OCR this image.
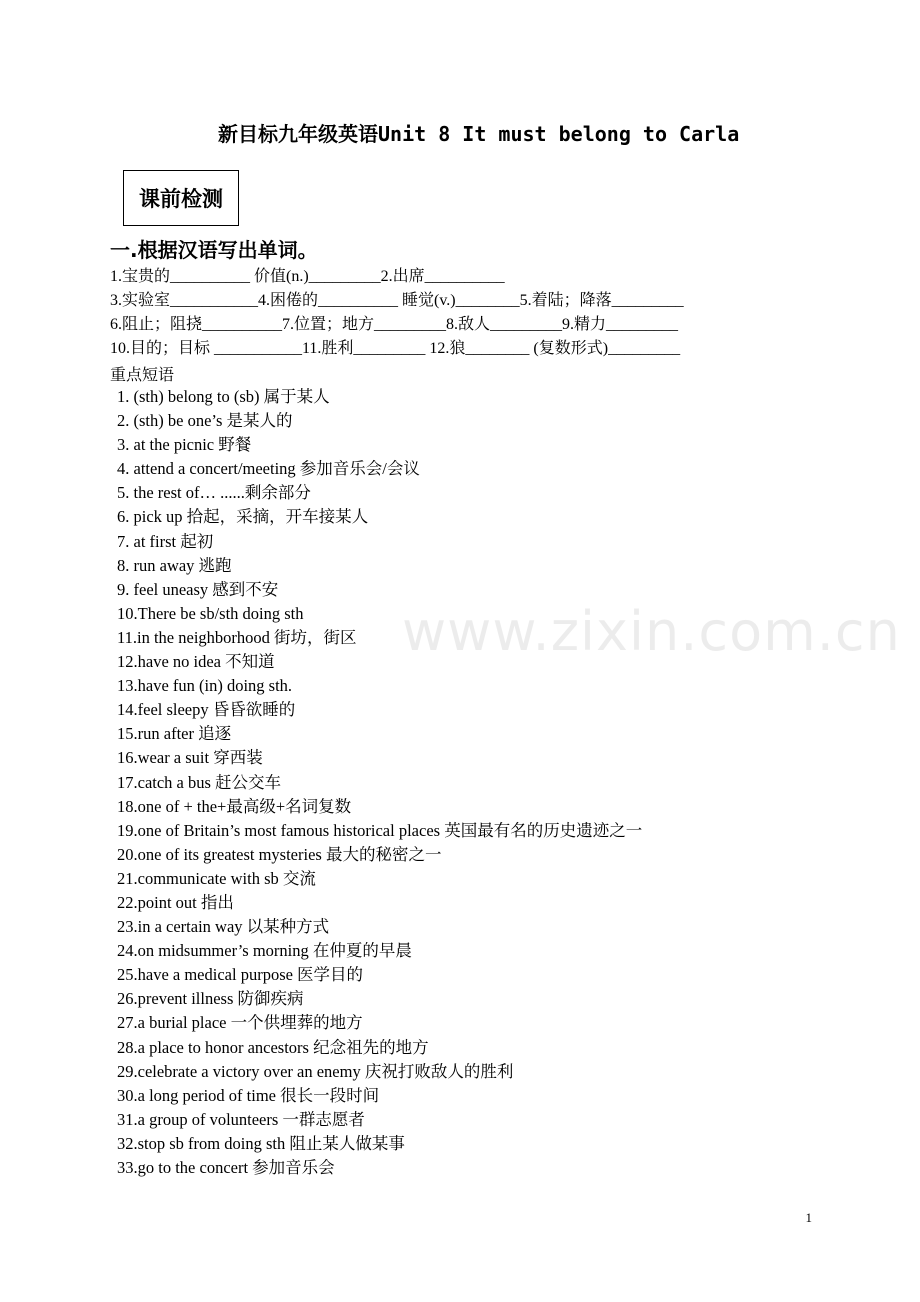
新目标九年级英语Unit 8 It must belong to Carla
课前检测
一.根据汉语写出单词。
1.宝贵的__________ 价值(n.)_________2.出席__________
3.实验室___________4.困倦的__________ 睡觉(v.)________5.着陆；降落_________
6.阻止；阻挠__________7.位置；地方_________8.敌人_________9.精力_________
10.目的；目标 ___________11.胜利_________ 12.狼________ (复数形式)_________
重点短语
1. (sth) belong to (sb) 属于某人
2. (sth) be one’s 是某人的
3. at the picnic 野餐
4. attend a concert/meeting 参加音乐会/会议
5. the rest of… ......剩余部分
6. pick up 拾起，采摘，开车接某人
7. at first 起初
8. run away 逃跑
9. feel uneasy 感到不安
10.There be sb/sth doing sth
11.in the neighborhood 街坊，街区
12.have no idea 不知道
13.have fun (in) doing sth.
14.feel sleepy 昏昏欲睡的
15.run after 追逐
16.wear a suit 穿西装
17.catch a bus 赶公交车
18.one of + the+最高级+名词复数
19.one of Britain’s most famous historical places 英国最有名的历史遗迹之一
20.one of its greatest mysteries 最大的秘密之一
21.communicate with sb 交流
22.point out 指出
23.in a certain way 以某种方式
24.on midsummer’s morning 在仲夏的早晨
25.have a medical purpose 医学目的
26.prevent illness 防御疾病
27.a burial place 一个供埋葬的地方
28.a place to honor ancestors 纪念祖先的地方
29.celebrate a victory over an enemy 庆祝打败敌人的胜利
30.a long period of time 很长一段时间
31.a group of volunteers 一群志愿者
32.stop sb from doing sth 阻止某人做某事
33.go to the concert 参加音乐会
www.zixin.com.cn
1
